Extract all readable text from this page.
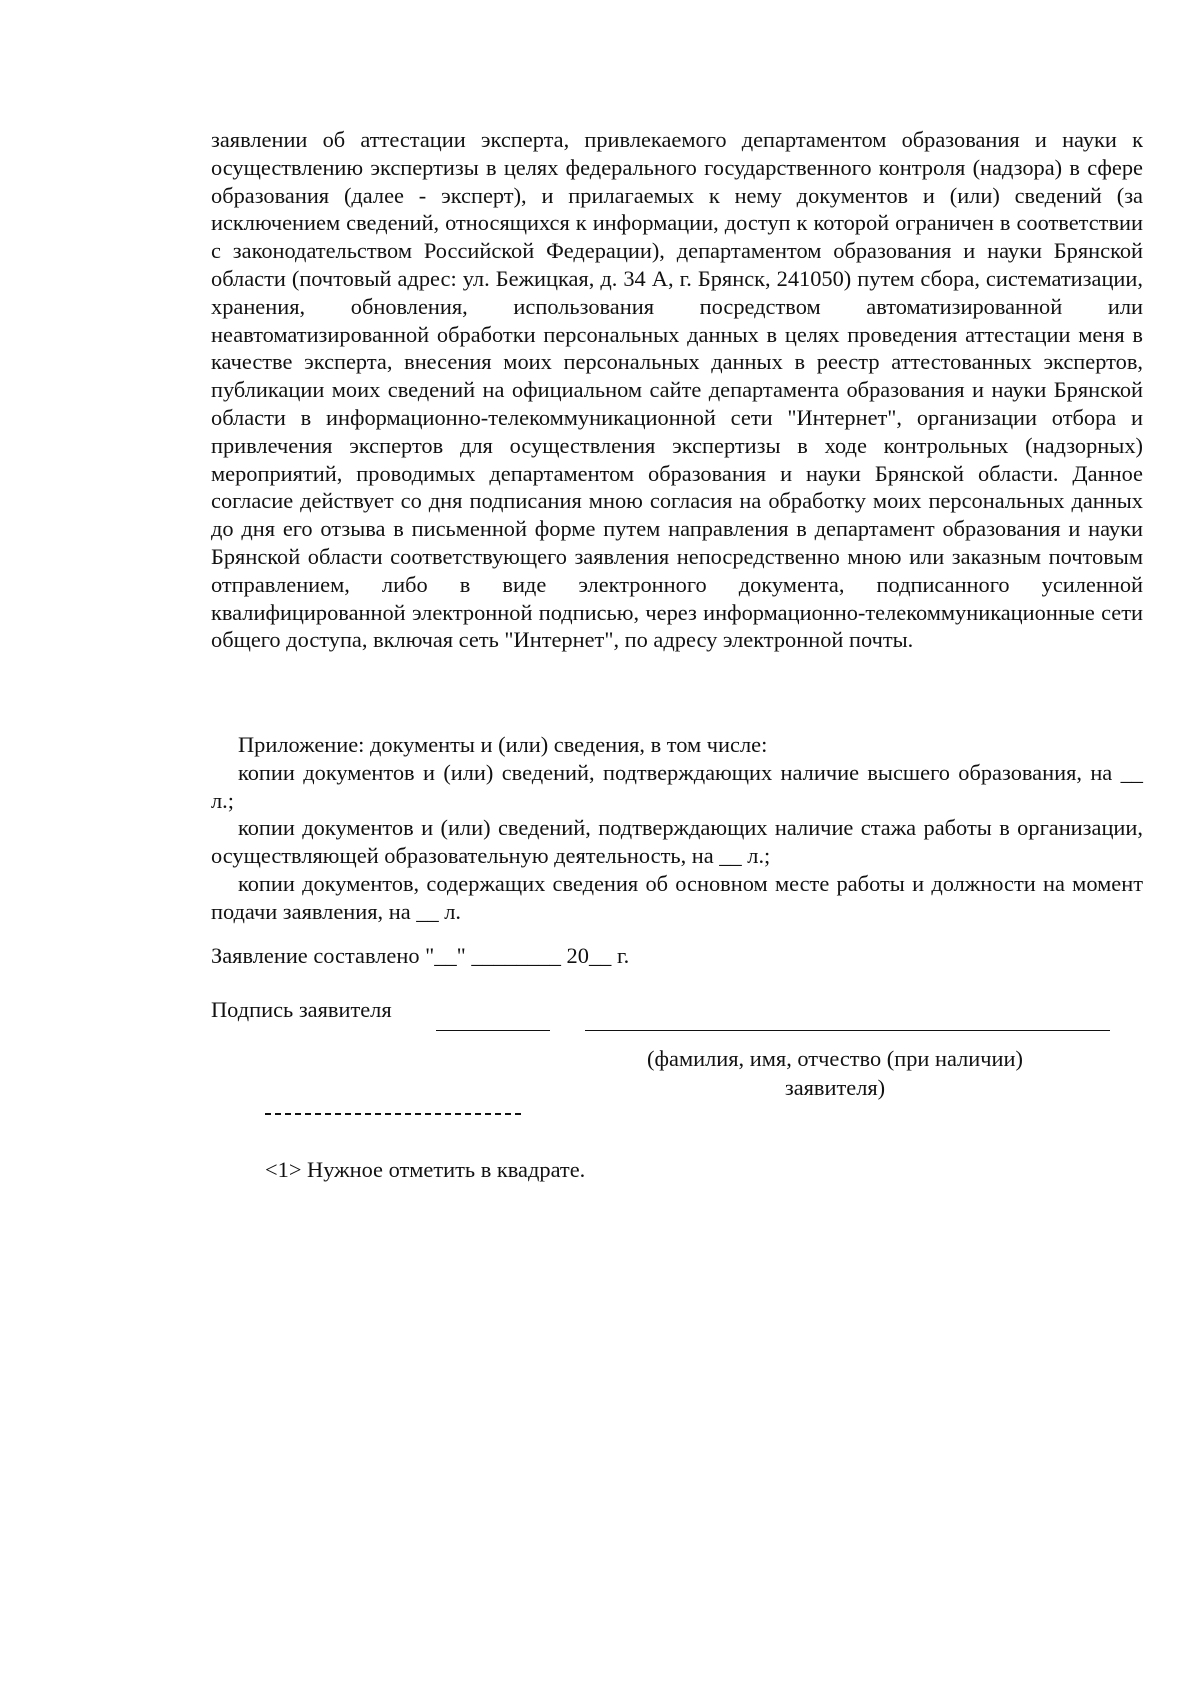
заявлении об аттестации эксперта, привлекаемого департаментом образования и науки к осуществлению экспертизы в целях федерального государственного контроля (надзора) в сфере образования (далее - эксперт), и прилагаемых к нему документов и (или) сведений (за исключением сведений, относящихся к информации, доступ к которой ограничен в соответствии с законодательством Российской Федерации), департаментом образования и науки Брянской области (почтовый адрес: ул. Бежицкая, д. 34 А, г. Брянск, 241050) путем сбора, систематизации, хранения, обновления, использования посредством автоматизированной или неавтоматизированной обработки персональных данных в целях проведения аттестации меня в качестве эксперта, внесения моих персональных данных в реестр аттестованных экспертов, публикации моих сведений на официальном сайте департамента образования и науки Брянской области в информационно-телекоммуникационной сети "Интернет", организации отбора и привлечения экспертов для осуществления экспертизы в ходе контрольных (надзорных) мероприятий, проводимых департаментом образования и науки Брянской области. Данное согласие действует со дня подписания мною согласия на обработку моих персональных данных до дня его отзыва в письменной форме путем направления в департамент образования и науки Брянской области соответствующего заявления непосредственно мною или заказным почтовым отправлением, либо в виде электронного документа, подписанного усиленной квалифицированной электронной подписью, через информационно-телекоммуникационные сети общего доступа, включая сеть "Интернет", по адресу электронной почты.

Приложение: документы и (или) сведения, в том числе:

копии документов и (или) сведений, подтверждающих наличие высшего образования, на __ л.;

копии документов и (или) сведений, подтверждающих наличие стажа работы в организации, осуществляющей образовательную деятельность, на __ л.;

копии документов, содержащих сведения об основном месте работы и должности на момент подачи заявления, на __ л.

Заявление составлено "__" ________ 20__ г.

Подпись заявителя

(фамилия, имя, отчество (при наличии) заявителя)

<1> Нужное отметить в квадрате.
